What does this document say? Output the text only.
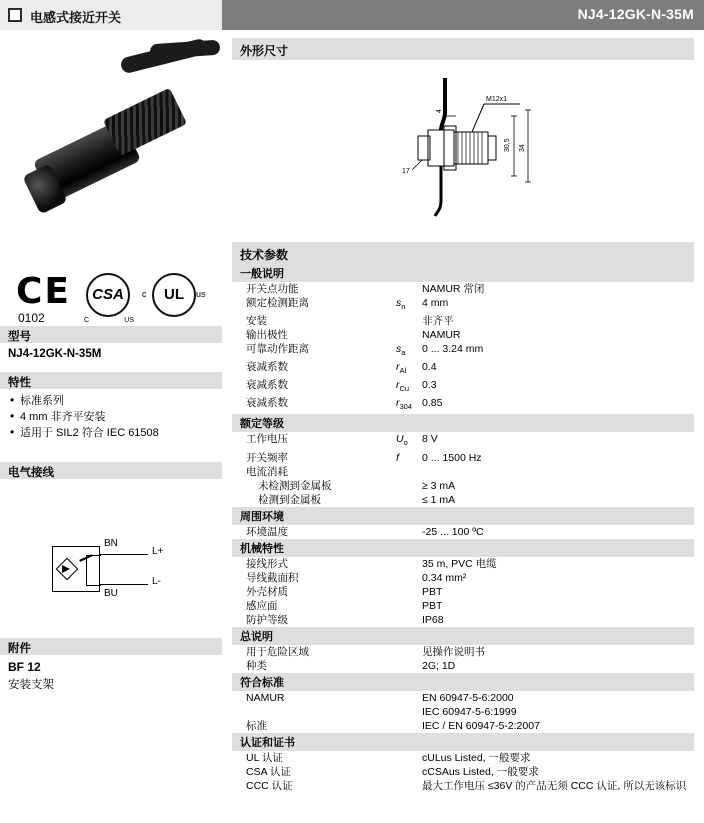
电感式接近开关	NJ4-12GK-N-35M
CE
0102
CSA
C	US
c	UL	us
型号
NJ4-12GK-N-35M
特性
• 标准系列
• 4 mm 非齐平安装
• 适用于 SIL2 符合 IEC 61508
电气接线
BN
BU
L+
L-
附件
BF 12
安装支架
外形尺寸
M12x1
4
30,5 34
17
技术参数
一般说明
开关点功能	NAMUR 常闭
额定检测距离	$s_n$	4 mm
安装	非齐平
输出极性	NAMUR
可靠动作距离	$s_a$	0 ... 3.24 mm
衰减系数	$r_{Al}$	0.4
衰减系数	$r_{Cu}$	0.3
衰减系数	$r_{304}$ 0.85
额定等级
工作电压	$U_o$	8 V
开关频率	f	0 ... 1500 Hz
电流消耗
未检测到金属板	≥ 3 mA
检测到金属板	≤ 1 mA
周围环境
环境温度	-25 ... 100 ºC
机械特性
接线形式	35 m, PVC 电缆
导线截面积	0.34 mm²
外壳材质	PBT
感应面	PBT
防护等级	IP68
总说明
用于危险区域	见操作说明书
种类	2G; 1D
符合标准
NAMUR	EN 60947-5-6:2000
IEC 60947-5-6:1999
标准	IEC / EN 60947-5-2:2007
认证和证书
UL 认证	cULus Listed, 一般要求
CSA 认证	cCSAus Listed, 一般要求
CCC 认证	最大工作电压 ≤36V 的产品无须 CCC 认证, 所以无该标识
